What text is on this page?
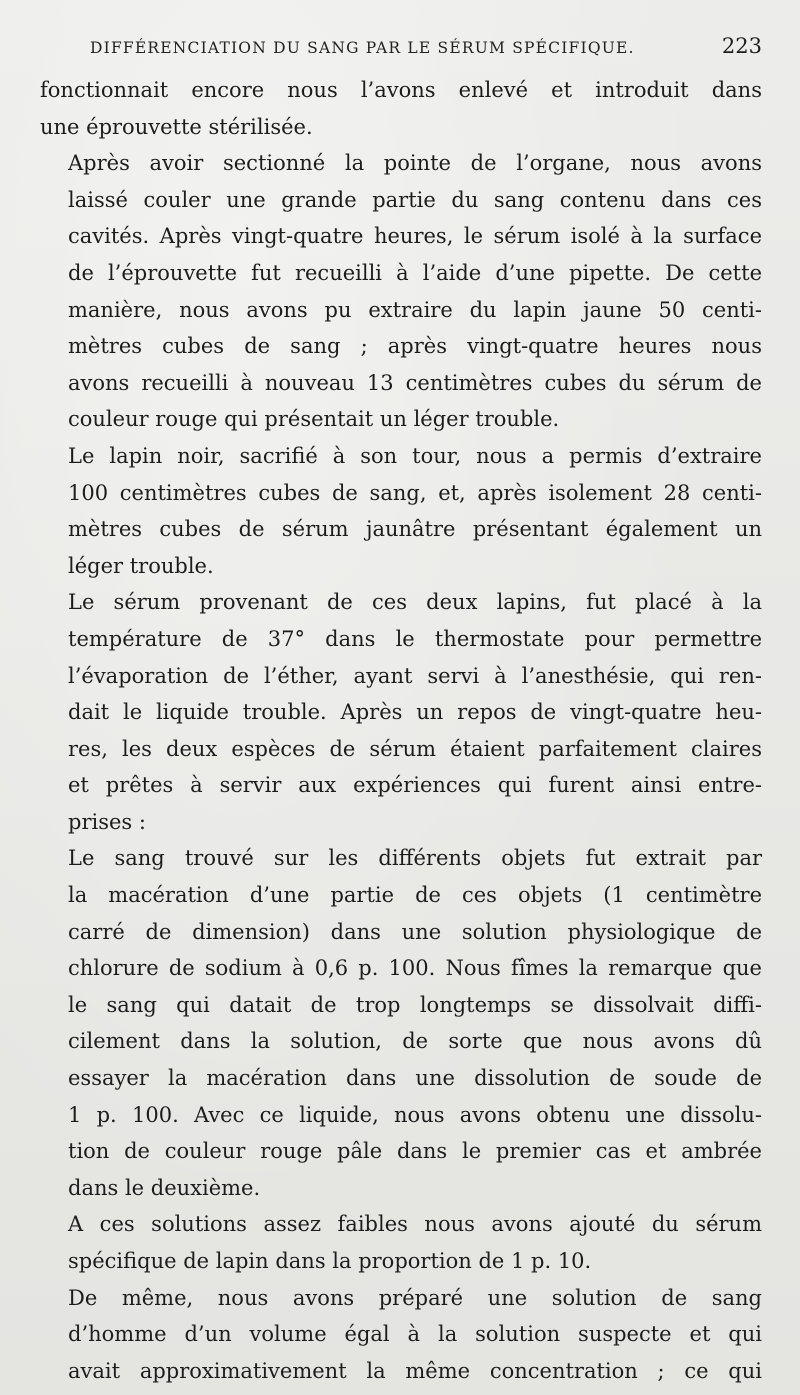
DIFFÉRENCIATION DU SANG PAR LE SÉRUM SPÉCIFIQUE.	223

fonctionnait encore nous l’avons enlevé et introduit dans
une éprouvette stérilisée.

Après avoir sectionné la pointe de l’organe, nous avons
laissé couler une grande partie du sang contenu dans ces
cavités. Après vingt-quatre heures, le sérum isolé à la surface
de l’éprouvette fut recueilli à l’aide d’une pipette. De cette
manière, nous avons pu extraire du lapin jaune 50 centi-
mètres cubes de sang ; après vingt-quatre heures nous
avons recueilli à nouveau 13 centimètres cubes du sérum de
couleur rouge qui présentait un léger trouble.

Le lapin noir, sacrifié à son tour, nous a permis d’extraire
100 centimètres cubes de sang, et, après isolement 28 centi-
mètres cubes de sérum jaunâtre présentant également un
léger trouble.

Le sérum provenant de ces deux lapins, fut placé à la
température de 37° dans le thermostate pour permettre
l’évaporation de l’éther, ayant servi à l’anesthésie, qui ren-
dait le liquide trouble. Après un repos de vingt-quatre heu-
res, les deux espèces de sérum étaient parfaitement claires
et prêtes à servir aux expériences qui furent ainsi entre-
prises :

Le sang trouvé sur les différents objets fut extrait par
la macération d’une partie de ces objets (1 centimètre
carré de dimension) dans une solution physiologique de
chlorure de sodium à 0,6 p. 100. Nous fîmes la remarque que
le sang qui datait de trop longtemps se dissolvait diffi-
cilement dans la solution, de sorte que nous avons dû
essayer la macération dans une dissolution de soude de
1 p. 100. Avec ce liquide, nous avons obtenu une dissolu-
tion de couleur rouge pâle dans le premier cas et ambrée
dans le deuxième.

A ces solutions assez faibles nous avons ajouté du sérum
spécifique de lapin dans la proportion de 1 p. 10.

De même, nous avons préparé une solution de sang
d’homme d’un volume égal à la solution suspecte et qui
avait approximativement la même concentration ; ce qui
